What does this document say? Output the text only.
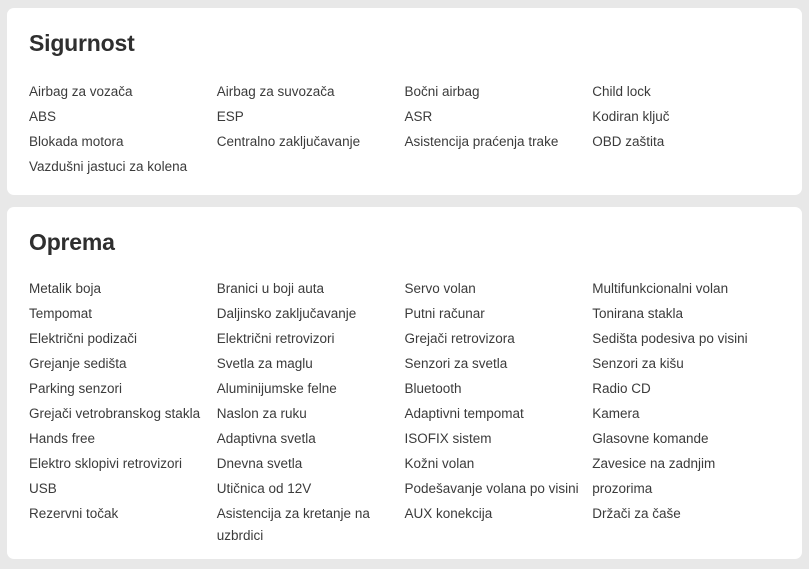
Sigurnost
Airbag za vozača
ABS
Blokada motora
Vazdušni jastuci za kolena
Airbag za suvozača
ESP
Centralno zaključavanje
Bočni airbag
ASR
Asistencija praćenja trake
Child lock
Kodiran ključ
OBD zaštita
Oprema
Metalik boja
Tempomat
Električni podizači
Grejanje sedišta
Parking senzori
Grejači vetrobranskog stakla
Hands free
Elektro sklopivi retrovizori
USB
Rezervni točak
Branici u boji auta
Daljinsko zaključavanje
Električni retrovizori
Svetla za maglu
Aluminijumske felne
Naslon za ruku
Adaptivna svetla
Dnevna svetla
Utičnica od 12V
Asistencija za kretanje na uzbrdici
Servo volan
Putni računar
Grejači retrovizora
Senzori za svetla
Bluetooth
Adaptivni tempomat
ISOFIX sistem
Kožni volan
Podešavanje volana po visini
AUX konekcija
Multifunkcionalni volan
Tonirana stakla
Sedišta podesiva po visini
Senzori za kišu
Radio CD
Kamera
Glasovne komande
Zavesice na zadnjim prozorima
Držači za čaše
